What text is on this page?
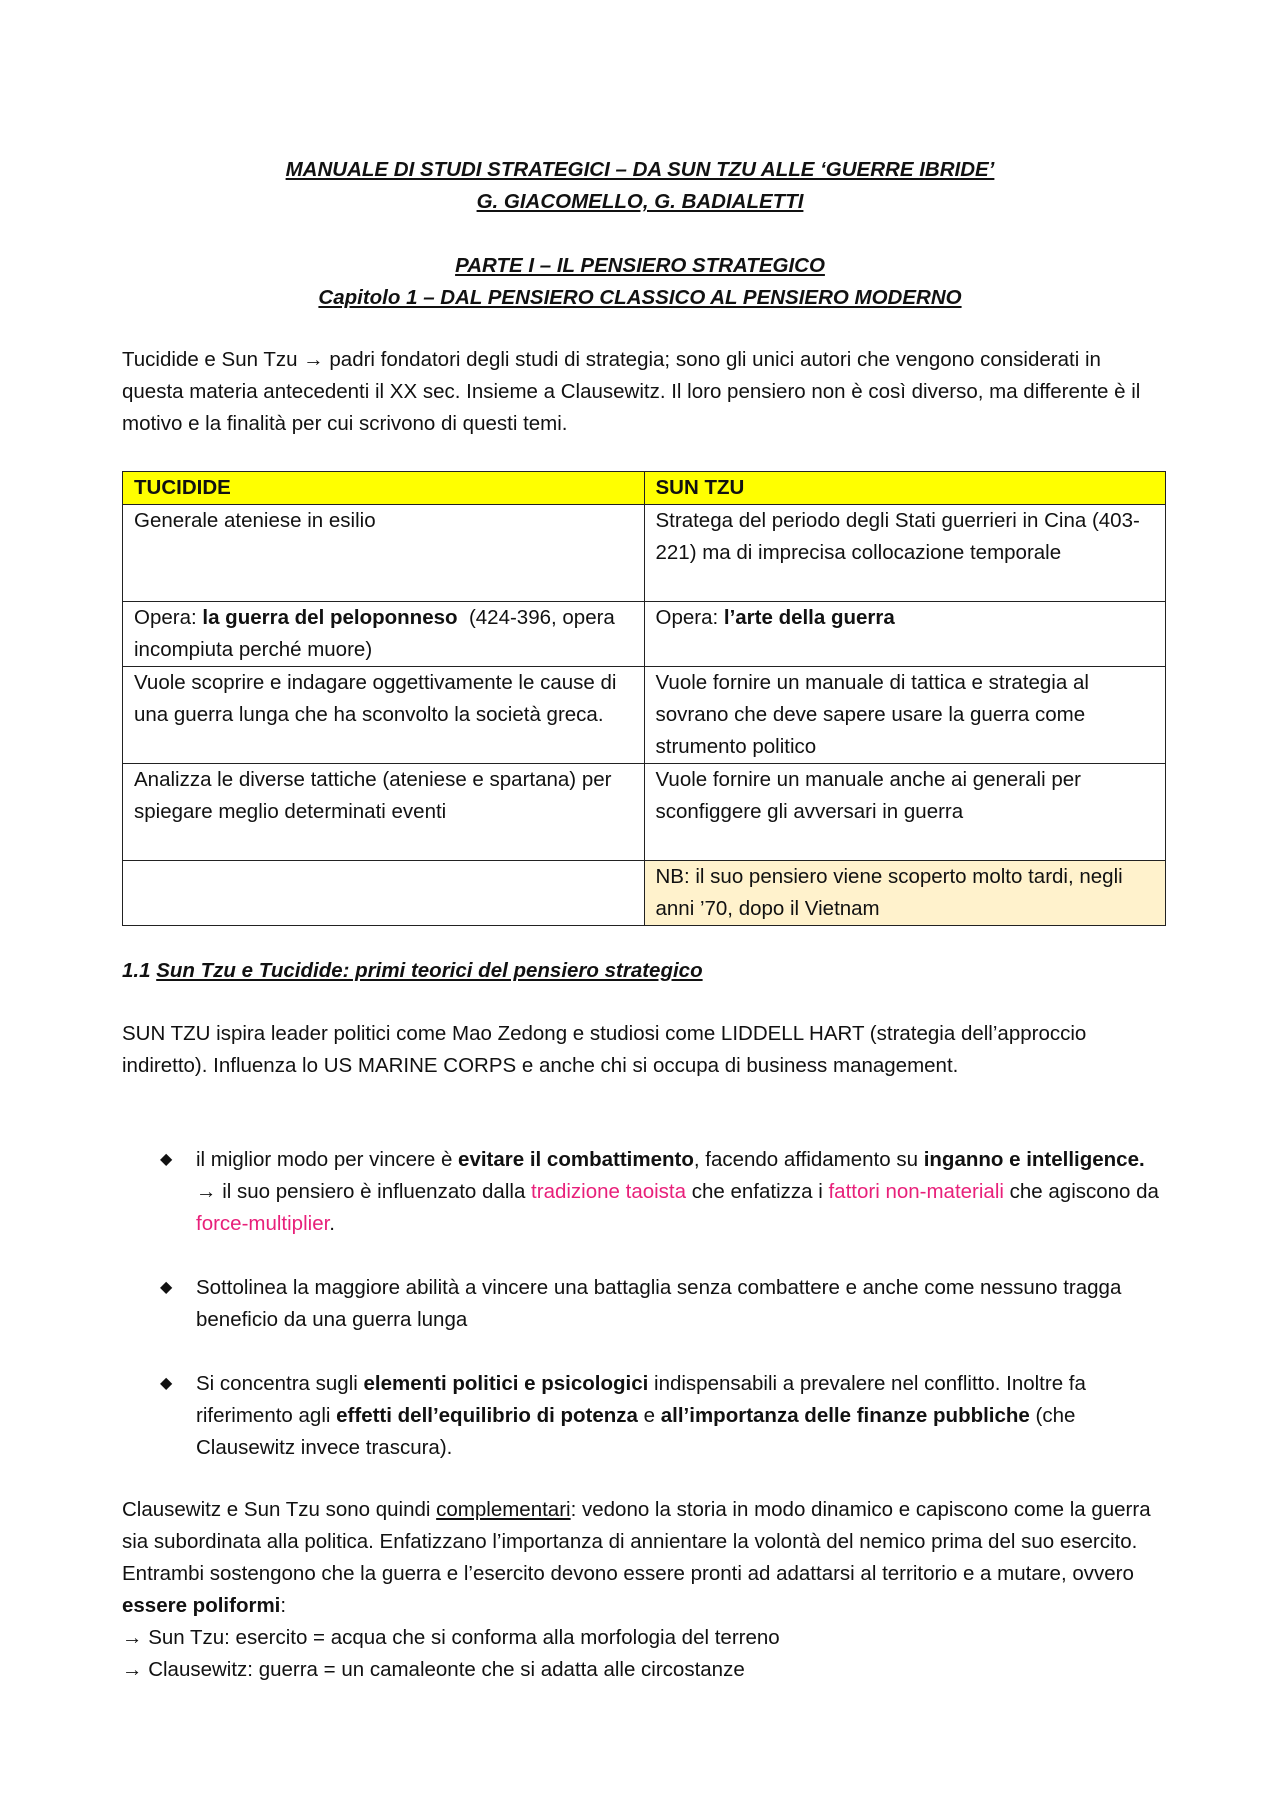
MANUALE DI STUDI STRATEGICI – DA SUN TZU ALLE ‘GUERRE IBRIDE’
G. GIACOMELLO, G. BADIALETTI
PARTE I – IL PENSIERO STRATEGICO
Capitolo 1 – DAL PENSIERO CLASSICO AL PENSIERO MODERNO
Tucidide e Sun Tzu → padri fondatori degli studi di strategia; sono gli unici autori che vengono considerati in questa materia antecedenti il XX sec. Insieme a Clausewitz. Il loro pensiero non è così diverso, ma differente è il motivo e la finalità per cui scrivono di questi temi.
TUCIDIDE	SUN TZU
Generale ateniese in esilio	Stratega del periodo degli Stati guerrieri in Cina (403-221) ma di imprecisa collocazione temporale
Opera: la guerra del peloponneso  (424-396, opera incompiuta perché muore)	Opera: l’arte della guerra
Vuole scoprire e indagare oggettivamente le cause di una guerra lunga che ha sconvolto la società greca.	Vuole fornire un manuale di tattica e strategia al sovrano che deve sapere usare la guerra come strumento politico
Analizza le diverse tattiche (ateniese e spartana) per spiegare meglio determinati eventi	Vuole fornire un manuale anche ai generali per sconfiggere gli avversari in guerra
	NB: il suo pensiero viene scoperto molto tardi, negli anni ’70, dopo il Vietnam
1.1 Sun Tzu e Tucidide: primi teorici del pensiero strategico
SUN TZU ispira leader politici come Mao Zedong e studiosi come LIDDELL HART (strategia dell’approccio indiretto). Influenza lo US MARINE CORPS e anche chi si occupa di business management.
◆ il miglior modo per vincere è evitare il combattimento, facendo affidamento su inganno e intelligence. → il suo pensiero è influenzato dalla tradizione taoista che enfatizza i fattori non-materiali che agiscono da force-multiplier.
◆ Sottolinea la maggiore abilità a vincere una battaglia senza combattere e anche come nessuno tragga beneficio da una guerra lunga
◆ Si concentra sugli elementi politici e psicologici indispensabili a prevalere nel conflitto. Inoltre fa riferimento agli effetti dell’equilibrio di potenza e all’importanza delle finanze pubbliche (che Clausewitz invece trascura).
Clausewitz e Sun Tzu sono quindi complementari: vedono la storia in modo dinamico e capiscono come la guerra sia subordinata alla politica. Enfatizzano l’importanza di annientare la volontà del nemico prima del suo esercito. Entrambi sostengono che la guerra e l’esercito devono essere pronti ad adattarsi al territorio e a mutare, ovvero essere poliformi:
→ Sun Tzu: esercito = acqua che si conforma alla morfologia del terreno
→ Clausewitz: guerra = un camaleonte che si adatta alle circostanze
